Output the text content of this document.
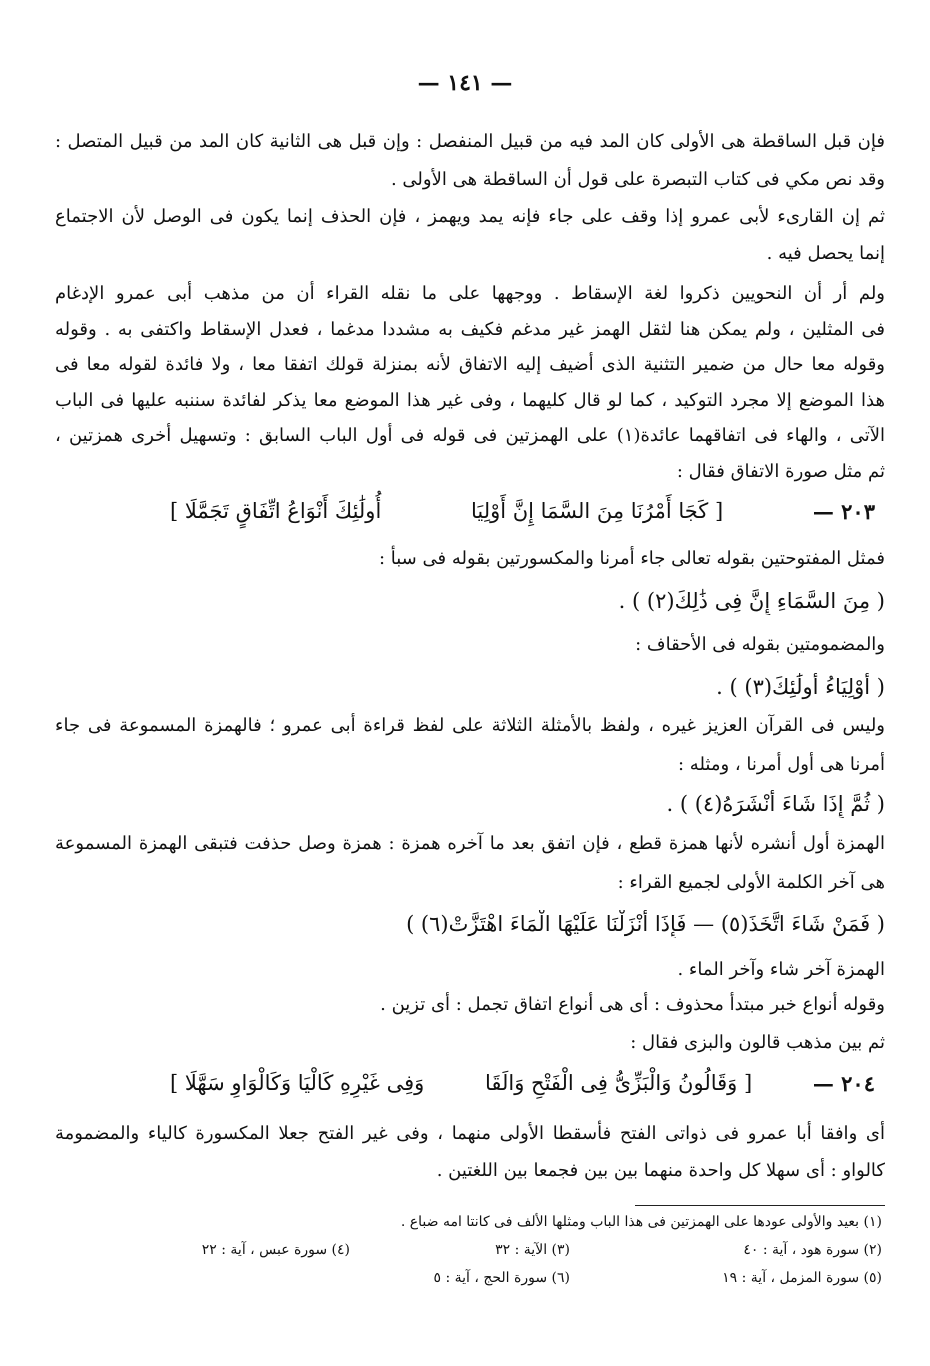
— ١٤١ —
فإن قبل الساقطة هى الأولى كان المد فيه من قبيل المنفصل : وإن قبل هى الثانية كان المد من قبيل المتصل :
وقد نص مكي فى كتاب التبصرة على قول أن الساقطة هى الأولى .
ثم إن القارىء لأبى عمرو إذا وقف على جاء فإنه يمد ويهمز ، فإن الحذف إنما يكون فى الوصل لأن الاجتماع
إنما يحصل فيه .
ولم أر أن النحويين ذكروا لغة الإسقاط . ووجهها على ما نقله القراء أن من مذهب أبى عمرو الإدغام
فى المثلين ، ولم يمكن هنا لثقل الهمز غير مدغم فكيف به مشددا مدغما ، فعدل الإسقاط واكتفى به . وقوله
وقوله معا حال من ضمير التثنية الذى أضيف إليه الاتفاق لأنه بمنزلة قولك اتفقا معا ، ولا فائدة لقوله معا فى
هذا الموضع إلا مجرد التوكيد ، كما لو قال كليهما ، وفى غير هذا الموضع معا يذكر لفائدة سننبه عليها فى الباب
الآتى ، والهاء فى اتفاقهما عائدة(١) على الهمزتين فى قوله فى أول الباب السابق : وتسهيل أخرى همزتين ،
ثم مثل صورة الاتفاق فقال :
٢٠٣ —
[ كَجَا أَمْرُنَا مِنَ السَّمَا إِنَّ أَوْلِيَا
أُولَٰئِكَ أَنْوَاعُ اتِّفَاقٍ تَجَمَّلَا ]
فمثل المفتوحتين بقوله تعالى جاء أمرنا والمكسورتين بقوله فى سبأ :
( مِنَ السَّمَاءِ إِنَّ فِى ذَٰلِكَ(٢) ) .
والمضمومتين بقوله فى الأحقاف :
( أَوْلِيَاءُ أُولَٰئِكَ(٣) ) .
وليس فى القرآن العزيز غيره ، ولفظ بالأمثلة الثلاثة على لفظ قراءة أبى عمرو ؛ فالهمزة المسموعة فى جاء
أمرنا هى أول أمرنا ، ومثله :
( ثُمَّ إِذَا شَاءَ أَنْشَرَهُ(٤) ) .
الهمزة أول أنشره لأنها همزة قطع ، فإن اتفق بعد ما آخره همزة : همزة وصل حذفت فتبقى الهمزة المسموعة
هى آخر الكلمة الأولى لجميع القراء :
( فَمَنْ شَاءَ اتَّخَذَ(٥) — فَإِذَا أَنْزَلْنَا عَلَيْهَا الْمَاءَ اهْتَزَّتْ(٦) )
الهمزة آخر شاء وآخر الماء .
وقوله أنواع خبر مبتدأ محذوف : أى هى أنواع اتفاق تجمل : أى تزين .
ثم بين مذهب قالون والبزى فقال :
٢٠٤ —
[ وَقَالُونُ وَالْبَزِّىُّ فِى الْفَتْحِ وَالَقَا
وَفِى غَيْرِهِ كَالْيَا وَكَالْوَاوِ سَهَّلَا ]
أى وافقا أبا عمرو فى ذواتى الفتح فأسقطا الأولى منهما ، وفى غير الفتح جعلا المكسورة كالياء والمضمومة
كالواو : أى سهلا كل واحدة منهما بين بين فجمعا بين اللغتين .
(١) بعيد والأولى عودها على الهمزتين فى هذا الباب ومثلها الألف فى كانتا امه ضباع .
(٢) سورة هود ، آية : ٤٠
(٣) الآية : ٣٢
(٤) سورة عبس ، آية : ٢٢
(٥) سورة المزمل ، آية : ١٩
(٦) سورة الحج ، آية : ٥
